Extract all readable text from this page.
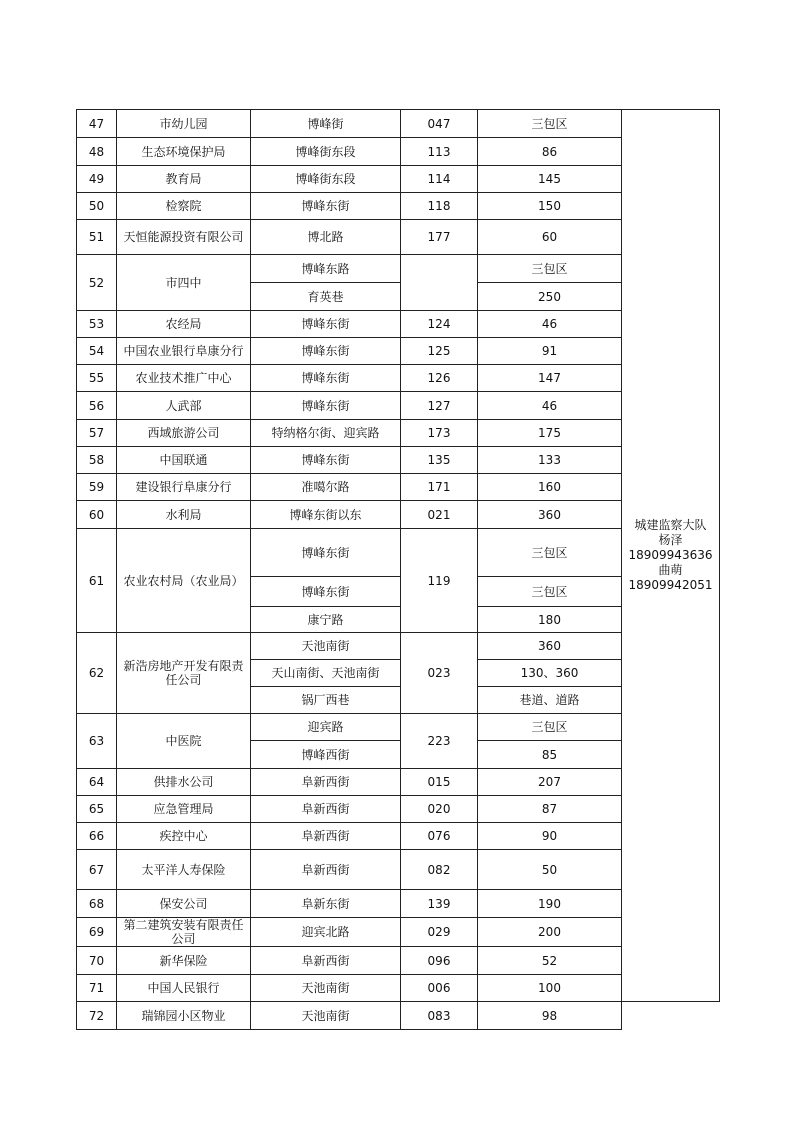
47	市幼儿园	博峰街	047	三包区	城建监察大队
杨泽
18909943636
曲萌
18909942051

48	生态环境保护局	博峰街东段	113	86	
49	教育局	博峰街东段	114	145	
50	检察院	博峰东街	118	150	
51	天恒能源投资有限公司	博北路	177	60	
52	市四中	博峰东路		三包区	
		育英巷		250	
53	农经局	博峰东街	124	46	
54	中国农业银行阜康分行	博峰东街	125	91	
55	农业技术推广中心	博峰东街	126	147	
56	人武部	博峰东街	127	46	
57	西域旅游公司	特纳格尔街、迎宾路	173	175	
58	中国联通	博峰东街	135	133	
59	建设银行阜康分行	准噶尔路	171	160	
60	水利局	博峰东街以东	021	360	
61	农业农村局（农业局）	博峰东街	119	三包区	
		博峰东街		三包区	
		康宁路		180	
62	新浩房地产开发有限责任公司	天池南街	023	360	
		天山南街、天池南街		130、360	
		锅厂西巷		巷道、道路	
63	中医院	迎宾路	223	三包区	
		博峰西街		85	
64	供排水公司	阜新西街	015	207	
65	应急管理局	阜新西街	020	87	
66	疾控中心	阜新西街	076	90	
67	太平洋人寿保险	阜新西街	082	50	
68	保安公司	阜新东街	139	190	
69	第二建筑安装有限责任公司	迎宾北路	029	200	
70	新华保险	阜新西街	096	52	
71	中国人民银行	天池南街	006	100	
72	瑞锦园小区物业	天池南街	083	98	
